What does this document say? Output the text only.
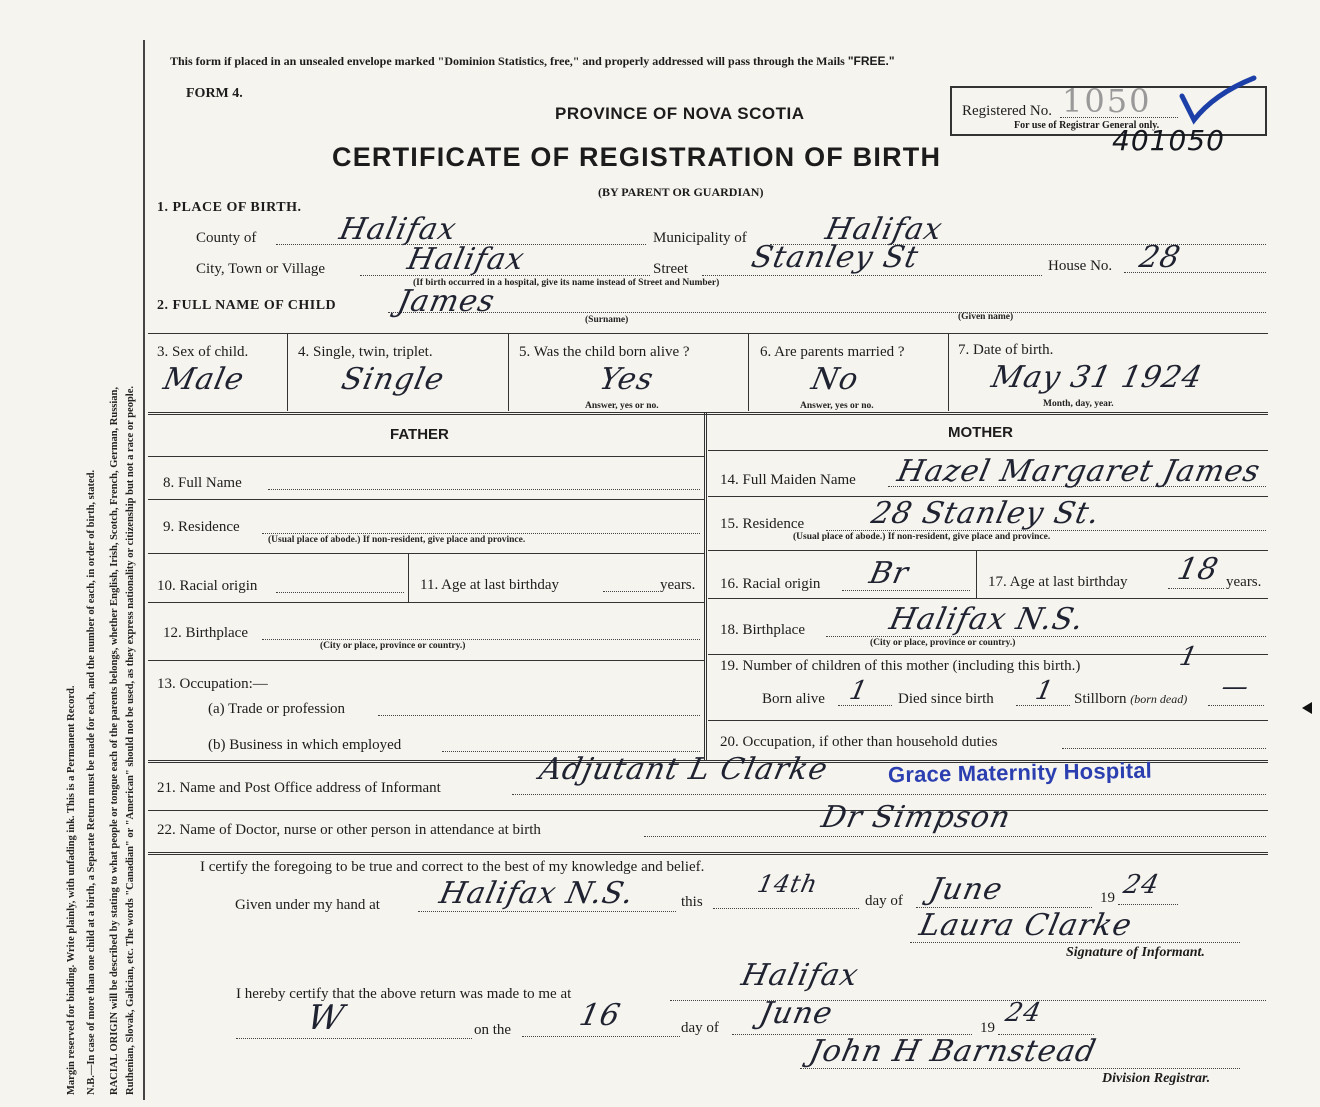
Margin reserved for binding. Write plainly, with unfading ink. This is a Permanent Record. N.B.—In case of more than one child at a birth, a Separate Return must be made for each, and the number of each, in order of birth, stated. RACIAL ORIGIN will be described by stating to what people or tongue each of the parents belongs, whether English, Irish, Scotch, French, German, Russian, Ruthenian, Slovak, Galician, etc. The words "Canadian" or "American" should not be used, as they express nationality or citizenship but not a race or people.
This form if placed in an unsealed envelope marked "Dominion Statistics, free," and properly addressed will pass through the Mails "FREE."
FORM 4.
PROVINCE OF NOVA SCOTIA
CERTIFICATE OF REGISTRATION OF BIRTH
(BY PARENT OR GUARDIAN)
Registered No. 1050
For use of Registrar General only.
401050
1. PLACE OF BIRTH.
County of	Halifax	Municipality of	Halifax
City, Town or Village	Halifax	Street Stanley St	House No. 28
(If birth occurred in a hospital, give its name instead of Street and Number)
2. FULL NAME OF CHILD James
(Surname)	(Given name)
3. Sex of child.
Male
4. Single, twin, triplet.
Single
5. Was the child born alive ?
Yes
Answer, yes or no.
6. Are parents married ?
No
Answer, yes or no.
7. Date of birth.
May 31 1924
Month, day, year.
FATHER	MOTHER
8. Full Name	14. Full Maiden Name Hazel Margaret James
9. Residence
(Usual place of abode.) If non-resident, give place and province.
15. Residence 28 Stanley St.
(Usual place of abode.) If non-resident, give place and province.
10. Racial origin	11. Age at last birthday	years. 16. Racial origin Br	17. Age at last birthday 18 years.
12. Birthplace
(City or place, province or country.)
18. Birthplace	Halifax N.S.
(City or place, province or country.)
13. Occupation:—
(a) Trade or profession
(b) Business in which employed
19. Number of children of this mother (including this birth.)	1
Born alive 1 Died since birth 1 Stillborn (born dead) —
20. Occupation, if other than household duties
21. Name and Post Office address of Informant
Adjutant L Clarke	Grace Maternity Hospital
22. Name of Doctor, nurse or other person in attendance at birth	Dr Simpson
I certify the foregoing to be true and correct to the best of my knowledge and belief.
Given under my hand at Halifax N.S.	this
14th
day of June	19 24
Laura Clarke
Signature of Informant.
I hereby certify that the above return was made to me at
Halifax
W	on the 16	day of June	19 24
John H Barnstead
Division Registrar.
